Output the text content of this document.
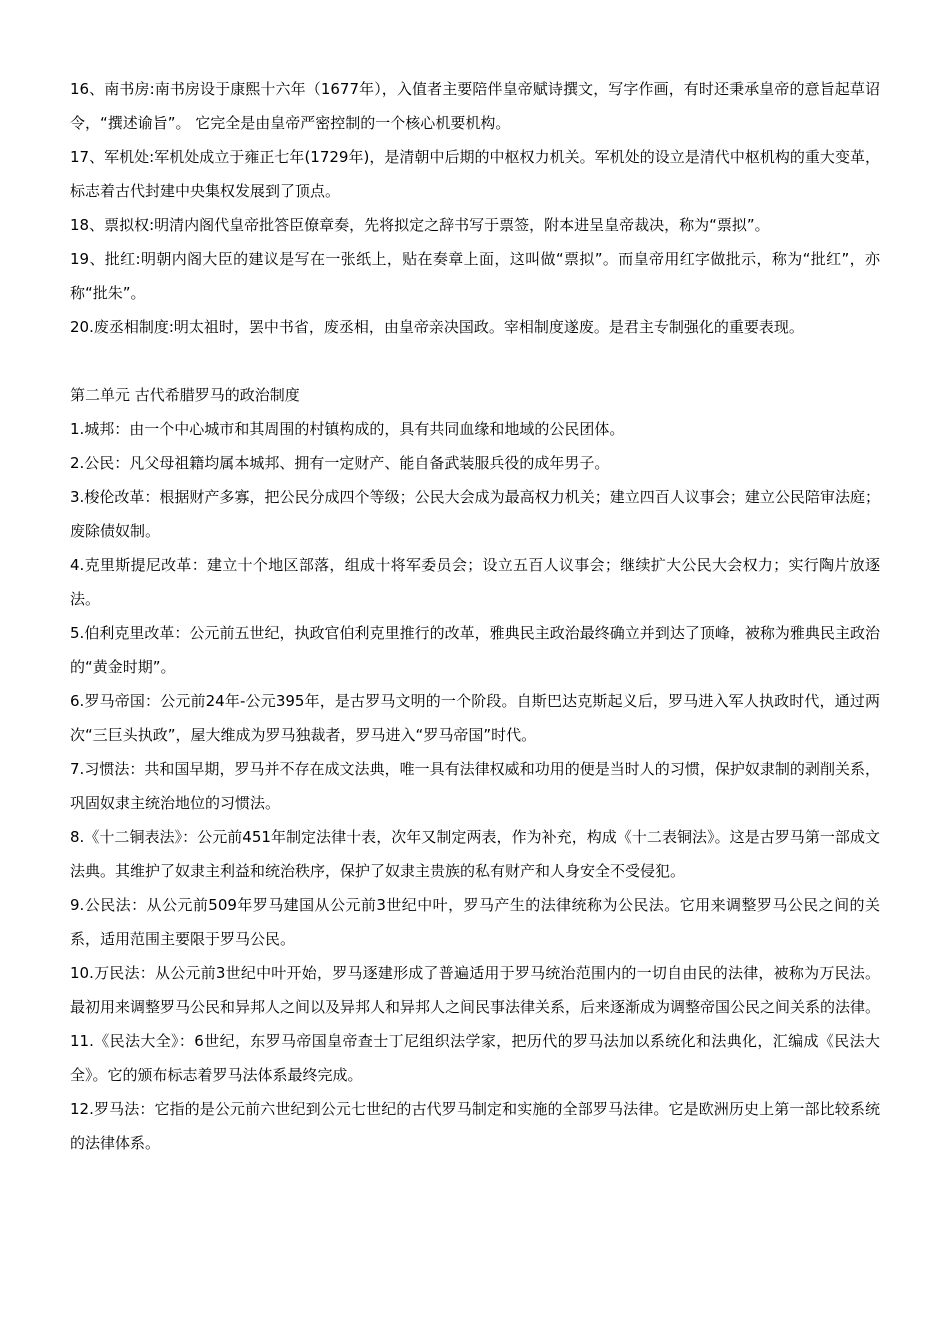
16、南书房:南书房设于康熙十六年（1677年），入值者主要陪伴皇帝赋诗撰文，写字作画，有时还秉承皇帝的意旨起草诏令，“撰述谕旨”。 它完全是由皇帝严密控制的一个核心机要机构。

17、军机处:军机处成立于雍正七年(1729年)，是清朝中后期的中枢权力机关。军机处的设立是清代中枢机构的重大变革，标志着古代封建中央集权发展到了顶点。

18、票拟权:明清内阁代皇帝批答臣僚章奏，先将拟定之辞书写于票签，附本进呈皇帝裁决，称为“票拟”。

19、批红:明朝内阁大臣的建议是写在一张纸上，贴在奏章上面，这叫做“票拟”。而皇帝用红字做批示，称为“批红”，亦称“批朱”。

20.废丞相制度:明太祖时，罢中书省，废丞相，由皇帝亲决国政。宰相制度遂废。是君主专制强化的重要表现。

第二单元 古代希腊罗马的政治制度

1.城邦：由一个中心城市和其周围的村镇构成的，具有共同血缘和地域的公民团体。

2.公民：凡父母祖籍均属本城邦、拥有一定财产、能自备武装服兵役的成年男子。

3.梭伦改革：根据财产多寡，把公民分成四个等级；公民大会成为最高权力机关；建立四百人议事会；建立公民陪审法庭；废除债奴制。

4.克里斯提尼改革：建立十个地区部落，组成十将军委员会；设立五百人议事会；继续扩大公民大会权力；实行陶片放逐法。

5.伯利克里改革：公元前五世纪，执政官伯利克里推行的改革，雅典民主政治最终确立并到达了顶峰，被称为雅典民主政治的“黄金时期”。

6.罗马帝国：公元前24年-公元395年，是古罗马文明的一个阶段。自斯巴达克斯起义后，罗马进入军人执政时代，通过两次“三巨头执政”，屋大维成为罗马独裁者，罗马进入“罗马帝国”时代。

7.习惯法：共和国早期，罗马并不存在成文法典，唯一具有法律权威和功用的便是当时人的习惯，保护奴隶制的剥削关系，巩固奴隶主统治地位的习惯法。

8.《十二铜表法》：公元前451年制定法律十表，次年又制定两表，作为补充，构成《十二表铜法》。这是古罗马第一部成文法典。其维护了奴隶主利益和统治秩序，保护了奴隶主贵族的私有财产和人身安全不受侵犯。

9.公民法：从公元前509年罗马建国从公元前3世纪中叶，罗马产生的法律统称为公民法。它用来调整罗马公民之间的关系，适用范围主要限于罗马公民。

10.万民法：从公元前3世纪中叶开始，罗马逐建形成了普遍适用于罗马统治范围内的一切自由民的法律，被称为万民法。最初用来调整罗马公民和异邦人之间以及异邦人和异邦人之间民事法律关系，后来逐渐成为调整帝国公民之间关系的法律。

11.《民法大全》：6世纪，东罗马帝国皇帝查士丁尼组织法学家，把历代的罗马法加以系统化和法典化，汇编成《民法大全》。它的颁布标志着罗马法体系最终完成。

12.罗马法：它指的是公元前六世纪到公元七世纪的古代罗马制定和实施的全部罗马法律。它是欧洲历史上第一部比较系统的法律体系。
